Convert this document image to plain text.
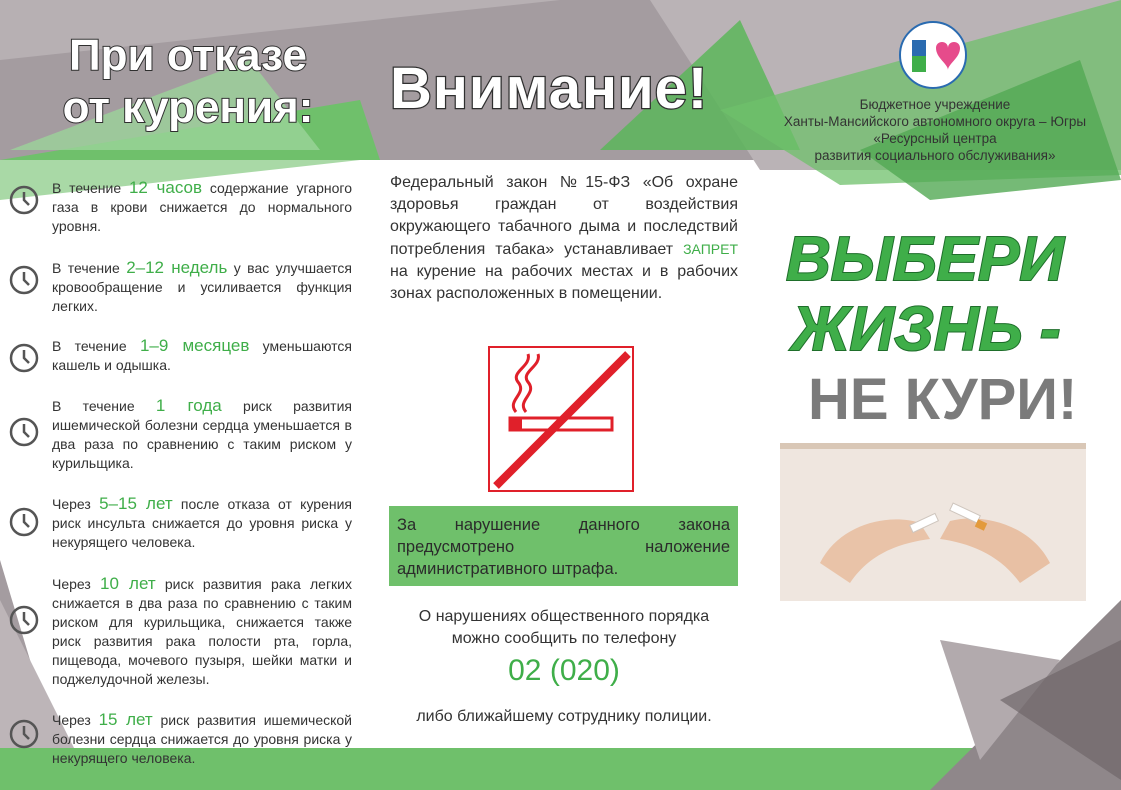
При отказе
от курения:	Внимание!	Бюджетное учреждение
Ханты-Мансийского автономного округа – Югры
«Ресурсный центра
развития социального обслуживания»
В течение 12 часов содержание угарного газа в крови снижается до нормального уровня.
В течение 2–12 недель у вас улучшается кровообращение и усиливается функция легких.
В течение 1–9 месяцев уменьшаются кашель и одышка.
В течение 1 года риск развития ишемической болезни сердца уменьшается в два раза по сравнению с таким риском у курильщика.
Через 5–15 лет после отказа от курения риск инсульта снижается до уровня риска у некурящего человека.
Через 10 лет риск развития рака легких снижается в два раза по сравнению с таким риском для курильщика, снижается также риск развития рака полости рта, горла, пищевода, мочевого пузыря, шейки матки и поджелудочной железы.
Через 15 лет риск развития ишемической болезни сердца снижается до уровня риска у некурящего человека.
Федеральный закон №15-ФЗ «Об охране здоровья граждан от воздействия окружающего табачного дыма и последствий потребления табака» устанавливает ЗАПРЕТ на курение на рабочих местах и в рабочих зонах расположенных в помещении.
За нарушение данного закона предусмотрено наложение административного штрафа.
О нарушениях общественного порядка
можно сообщить по телефону
02 (020)
либо ближайшему сотруднику полиции.
ВЫБЕРИ
ЖИЗНЬ -
НЕ КУРИ!
